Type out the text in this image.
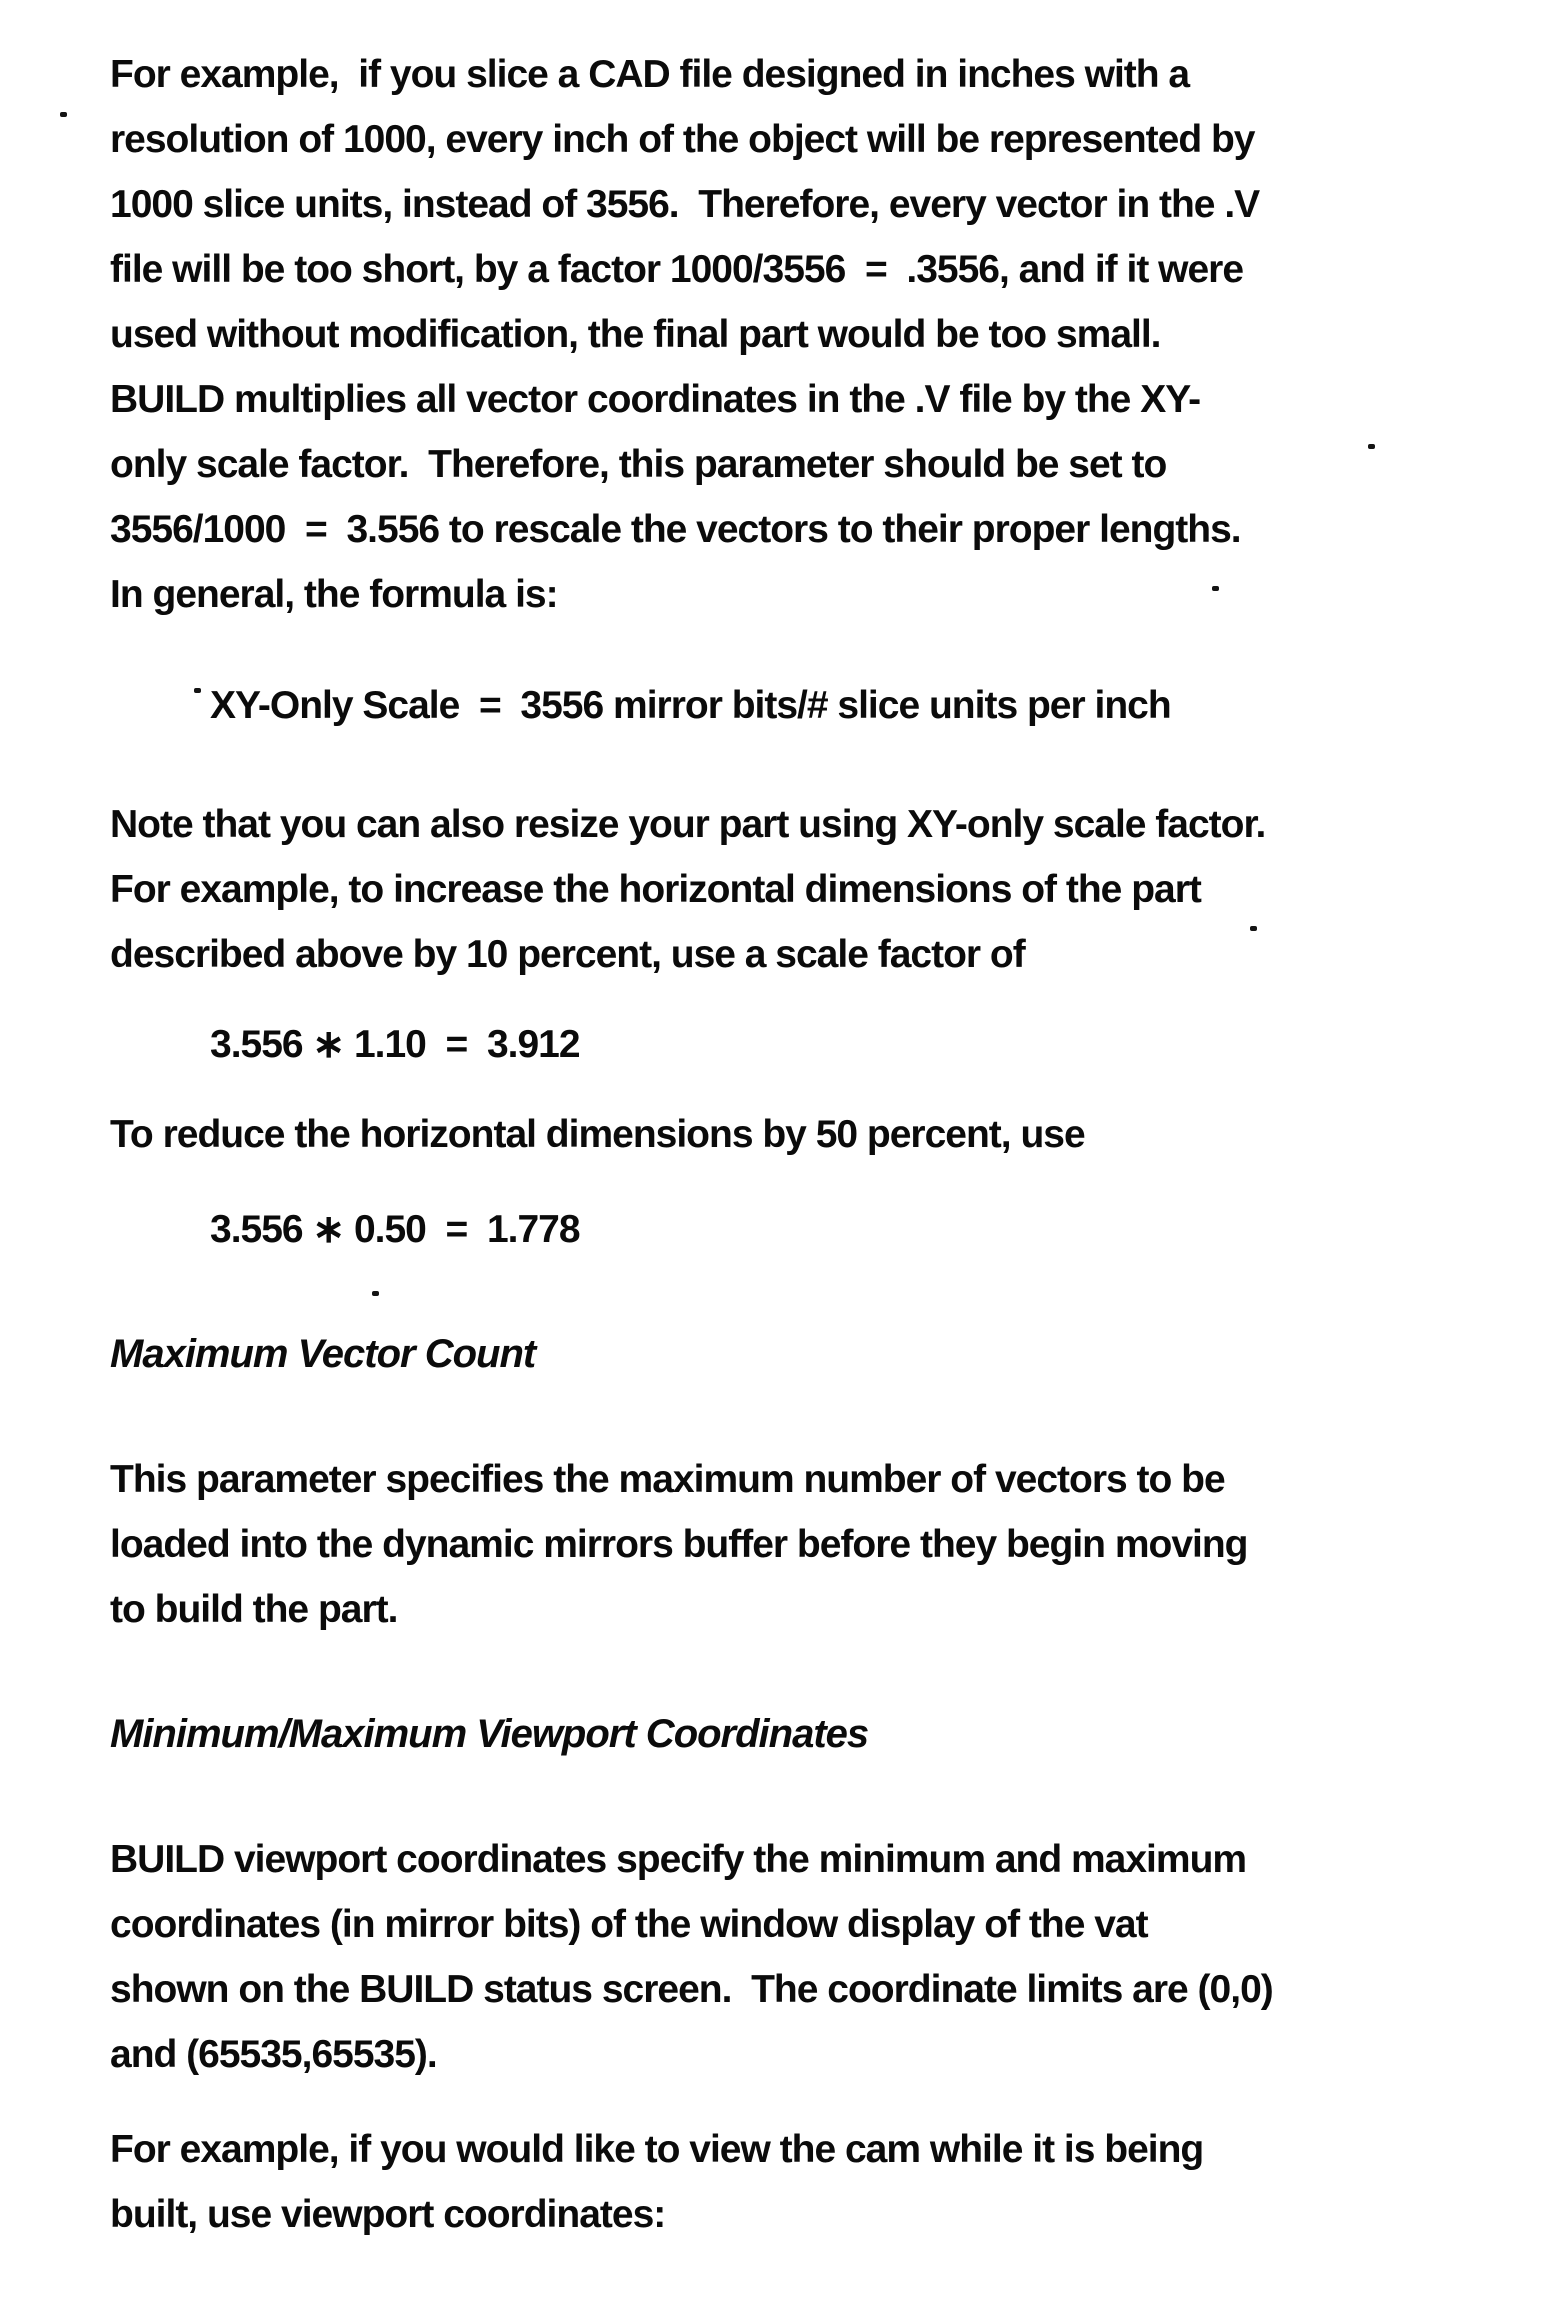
For example,  if you slice a CAD file designed in inches with a
resolution of 1000, every inch of the object will be represented by
1000 slice units, instead of 3556.  Therefore, every vector in the .V
file will be too short, by a factor 1000/3556  =  .3556, and if it were
used without modification, the final part would be too small.
BUILD multiplies all vector coordinates in the .V file by the XY-
only scale factor.  Therefore, this parameter should be set to
3556/1000  =  3.556 to rescale the vectors to their proper lengths.
In general, the formula is:
XY-Only Scale  =  3556 mirror bits/# slice units per inch
Note that you can also resize your part using XY-only scale factor.
For example, to increase the horizontal dimensions of the part
described above by 10 percent, use a scale factor of
3.556 ∗ 1.10  =  3.912
To reduce the horizontal dimensions by 50 percent, use
3.556 ∗ 0.50  =  1.778
Maximum Vector Count
This parameter specifies the maximum number of vectors to be
loaded into the dynamic mirrors buffer before they begin moving
to build the part.
Minimum/Maximum Viewport Coordinates
BUILD viewport coordinates specify the minimum and maximum
coordinates (in mirror bits) of the window display of the vat
shown on the BUILD status screen.  The coordinate limits are (0,0)
and (65535,65535).
For example, if you would like to view the cam while it is being
built, use viewport coordinates:
